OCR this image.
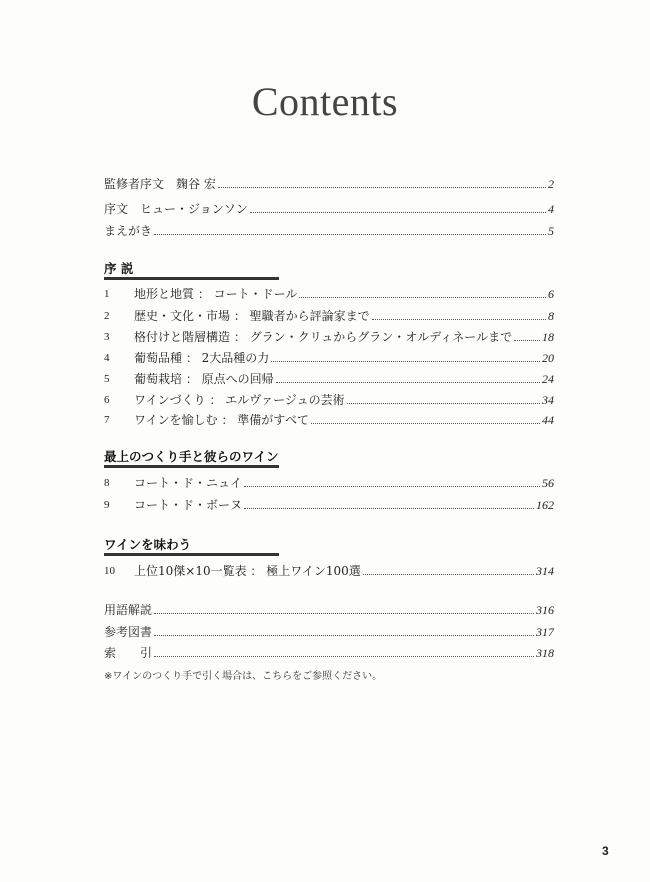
Contents
監修者序文　麹谷 宏	2
序文　ヒュー・ジョンソン	4
まえがき	5
序 説
1	地形と地質 ： コート・ドール	6
2	歴史・文化・市場 ： 聖職者から評論家まで	8
3	格付けと階層構造 ： グラン・クリュからグラン・オルディネールまで 18
4	葡萄品種 ： 2大品種の力	20
5	葡萄栽培 ： 原点への回帰	24
6	ワインづくり ： エルヴァージュの芸術	34
7	ワインを愉しむ ： 準備がすべて	44
最上のつくり手と彼らのワイン
8	コート・ド・ニュイ	56
9	コート・ド・ボーヌ	162
ワインを味わう
10	上位10傑×10一覧表 ： 極上ワイン100選	314
用語解説	316
参考図書	317
索　　引	318
※ワインのつくり手で引く場合は、こちらをご参照ください。
3
